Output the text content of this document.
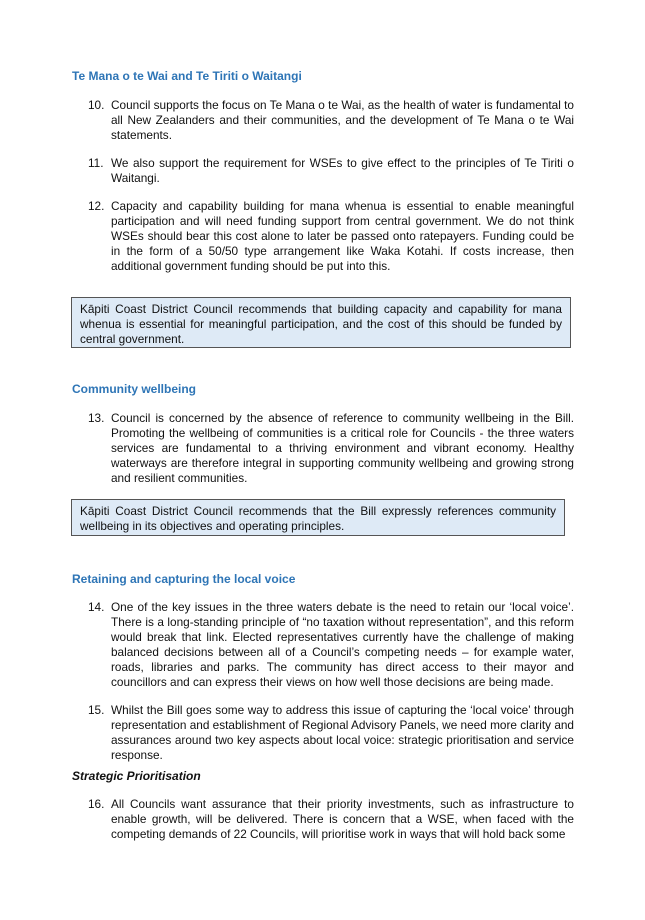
Te Mana o te Wai and Te Tiriti o Waitangi
10. Council supports the focus on Te Mana o te Wai, as the health of water is fundamental to all New Zealanders and their communities, and the development of Te Mana o te Wai statements.
11. We also support the requirement for WSEs to give effect to the principles of Te Tiriti o Waitangi.
12. Capacity and capability building for mana whenua is essential to enable meaningful participation and will need funding support from central government. We do not think WSEs should bear this cost alone to later be passed onto ratepayers. Funding could be in the form of a 50/50 type arrangement like Waka Kotahi. If costs increase, then additional government funding should be put into this.
Kāpiti Coast District Council recommends that building capacity and capability for mana whenua is essential for meaningful participation, and the cost of this should be funded by central government.
Community wellbeing
13. Council is concerned by the absence of reference to community wellbeing in the Bill. Promoting the wellbeing of communities is a critical role for Councils - the three waters services are fundamental to a thriving environment and vibrant economy. Healthy waterways are therefore integral in supporting community wellbeing and growing strong and resilient communities.
Kāpiti Coast District Council recommends that the Bill expressly references community wellbeing in its objectives and operating principles.
Retaining and capturing the local voice
14. One of the key issues in the three waters debate is the need to retain our ‘local voice’. There is a long-standing principle of “no taxation without representation”, and this reform would break that link. Elected representatives currently have the challenge of making balanced decisions between all of a Council’s competing needs – for example water, roads, libraries and parks. The community has direct access to their mayor and councillors and can express their views on how well those decisions are being made.
15. Whilst the Bill goes some way to address this issue of capturing the ‘local voice’ through representation and establishment of Regional Advisory Panels, we need more clarity and assurances around two key aspects about local voice: strategic prioritisation and service response.
Strategic Prioritisation
16. All Councils want assurance that their priority investments, such as infrastructure to enable growth, will be delivered. There is concern that a WSE, when faced with the competing demands of 22 Councils, will prioritise work in ways that will hold back some
